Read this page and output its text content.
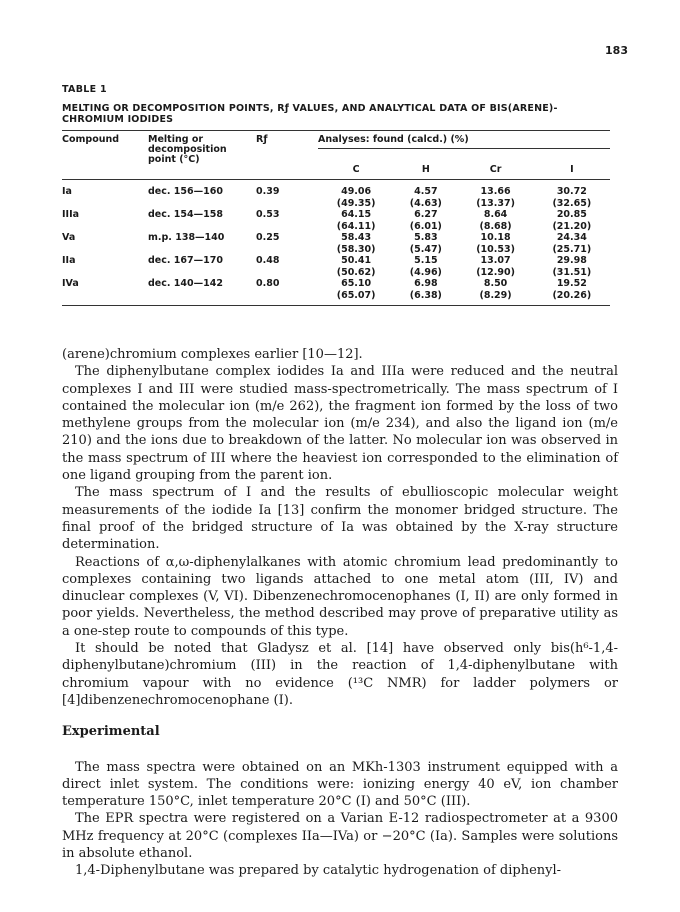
183
TABLE 1
MELTING OR DECOMPOSITION POINTS, Rƒ VALUES, AND ANALYTICAL DATA OF BIS(ARENE)-CHROMIUM IODIDES
Compound	Melting or
decomposition
point (°C)	Rƒ	Analyses: found (calcd.) (%)			

			C	H	Cr	I

Ia	dec. 156—160	0.39	49.06	4.57	13.66	30.72
			(49.35)	(4.63)	(13.37)	(32.65)
IIIa	dec. 154—158	0.53	64.15	6.27	8.64	20.85
			(64.11)	(6.01)	(8.68)	(21.20)
Va	m.p. 138—140	0.25	58.43	5.83	10.18	24.34
			(58.30)	(5.47)	(10.53)	(25.71)
IIa	dec. 167—170	0.48	50.41	5.15	13.07	29.98
			(50.62)	(4.96)	(12.90)	(31.51)
IVa	dec. 140—142	0.80	65.10	6.98	8.50	19.52
			(65.07)	(6.38)	(8.29)	(20.26)

(arene)chromium complexes earlier [10—12].

The diphenylbutane complex iodides Ia and IIIa were reduced and the neutral complexes I and III were studied mass-spectrometrically. The mass spectrum of I contained the molecular ion (m/e 262), the fragment ion formed by the loss of two methylene groups from the molecular ion (m/e 234), and also the ligand ion (m/e 210) and the ions due to breakdown of the latter. No molecular ion was observed in the mass spectrum of III where the heaviest ion corresponded to the elimination of one ligand grouping from the parent ion.

The mass spectrum of I and the results of ebullioscopic molecular weight measurements of the iodide Ia [13] confirm the monomer bridged structure. The final proof of the bridged structure of Ia was obtained by the X-ray structure determination.

Reactions of α,ω-diphenylalkanes with atomic chromium lead predominantly to complexes containing two ligands attached to one metal atom (III, IV) and dinuclear complexes (V, VI). Dibenzenechromocenophanes (I, II) are only formed in poor yields. Nevertheless, the method described may prove of preparative utility as a one-step route to compounds of this type.

It should be noted that Gladysz et al. [14] have observed only bis(h⁶-1,4-diphenylbutane)chromium (III) in the reaction of 1,4-diphenylbutane with chromium vapour with no evidence (¹³C NMR) for ladder polymers or [4]dibenzenechromocenophane (I).

Experimental

The mass spectra were obtained on an MKh-1303 instrument equipped with a direct inlet system. The conditions were: ionizing energy 40 eV, ion chamber temperature 150°C, inlet temperature 20°C (I) and 50°C (III).

The EPR spectra were registered on a Varian E-12 radiospectrometer at a 9300 MHz frequency at 20°C (complexes IIa—IVa) or −20°C (Ia). Samples were solutions in absolute ethanol.

1,4-Diphenylbutane was prepared by catalytic hydrogenation of diphenyl-
